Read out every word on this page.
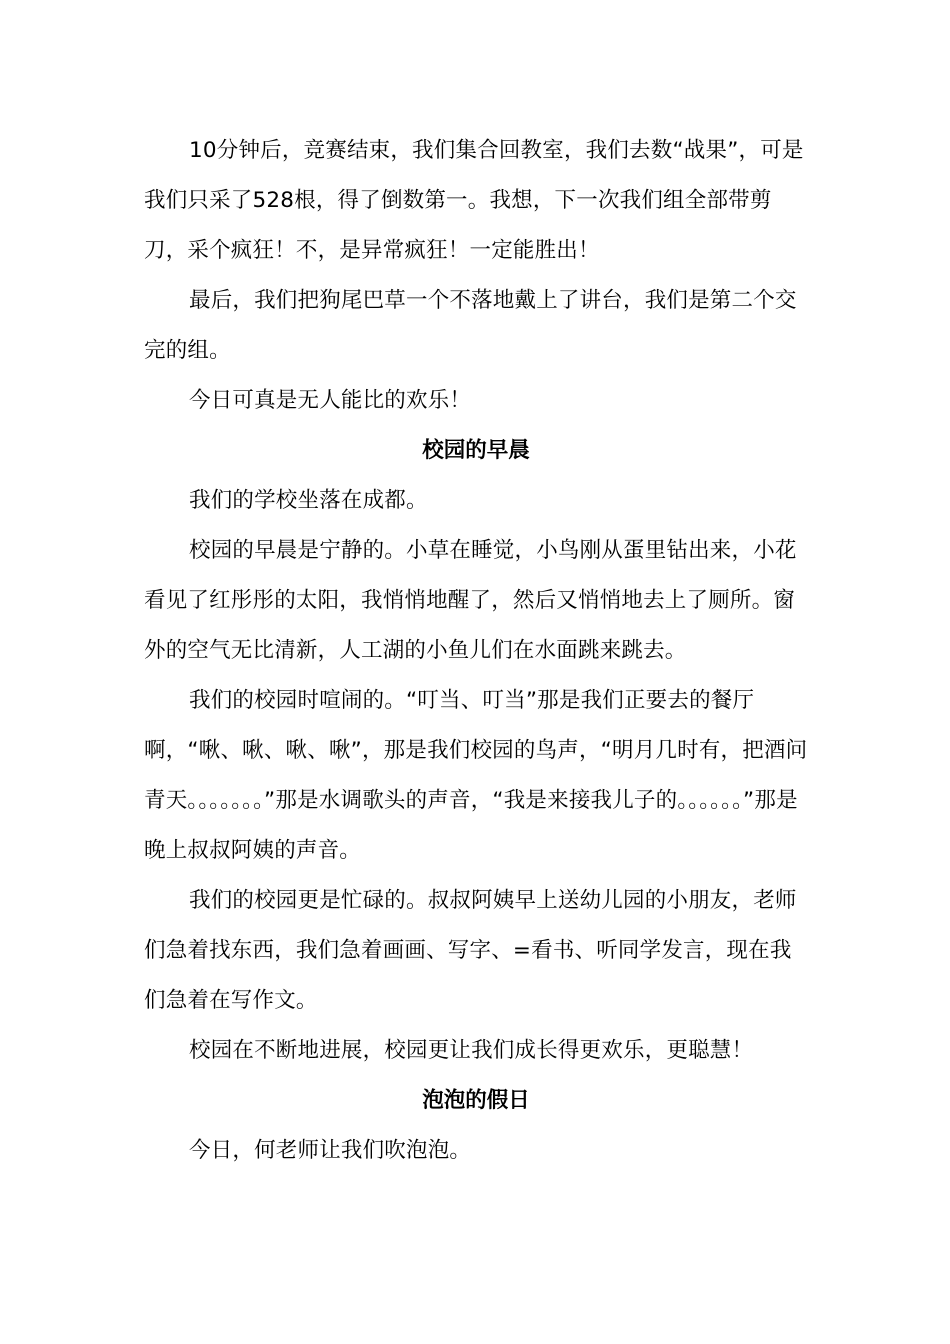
10分钟后，竞赛结束，我们集合回教室，我们去数“战果”，可是我们只采了528根，得了倒数第一。我想，下一次我们组全部带剪刀，采个疯狂！不，是异常疯狂！一定能胜出！

最后，我们把狗尾巴草一个不落地戴上了讲台，我们是第二个交完的组。

今日可真是无人能比的欢乐！

校园的早晨

我们的学校坐落在成都。

校园的早晨是宁静的。小草在睡觉，小鸟刚从蛋里钻出来，小花看见了红彤彤的太阳，我悄悄地醒了，然后又悄悄地去上了厕所。窗外的空气无比清新，人工湖的小鱼儿们在水面跳来跳去。

我们的校园时喧闹的。“叮当、叮当”那是我们正要去的餐厅啊，“啾、啾、啾、啾”，那是我们校园的鸟声，“明月几时有，把酒问青天。。。。。。。”那是水调歌头的声音，“我是来接我儿子的。。。。。。”那是晚上叔叔阿姨的声音。

我们的校园更是忙碌的。叔叔阿姨早上送幼儿园的小朋友，老师们急着找东西，我们急着画画、写字、=看书、听同学发言，现在我们急着在写作文。

校园在不断地进展，校园更让我们成长得更欢乐，更聪慧！

泡泡的假日

今日，何老师让我们吹泡泡。
